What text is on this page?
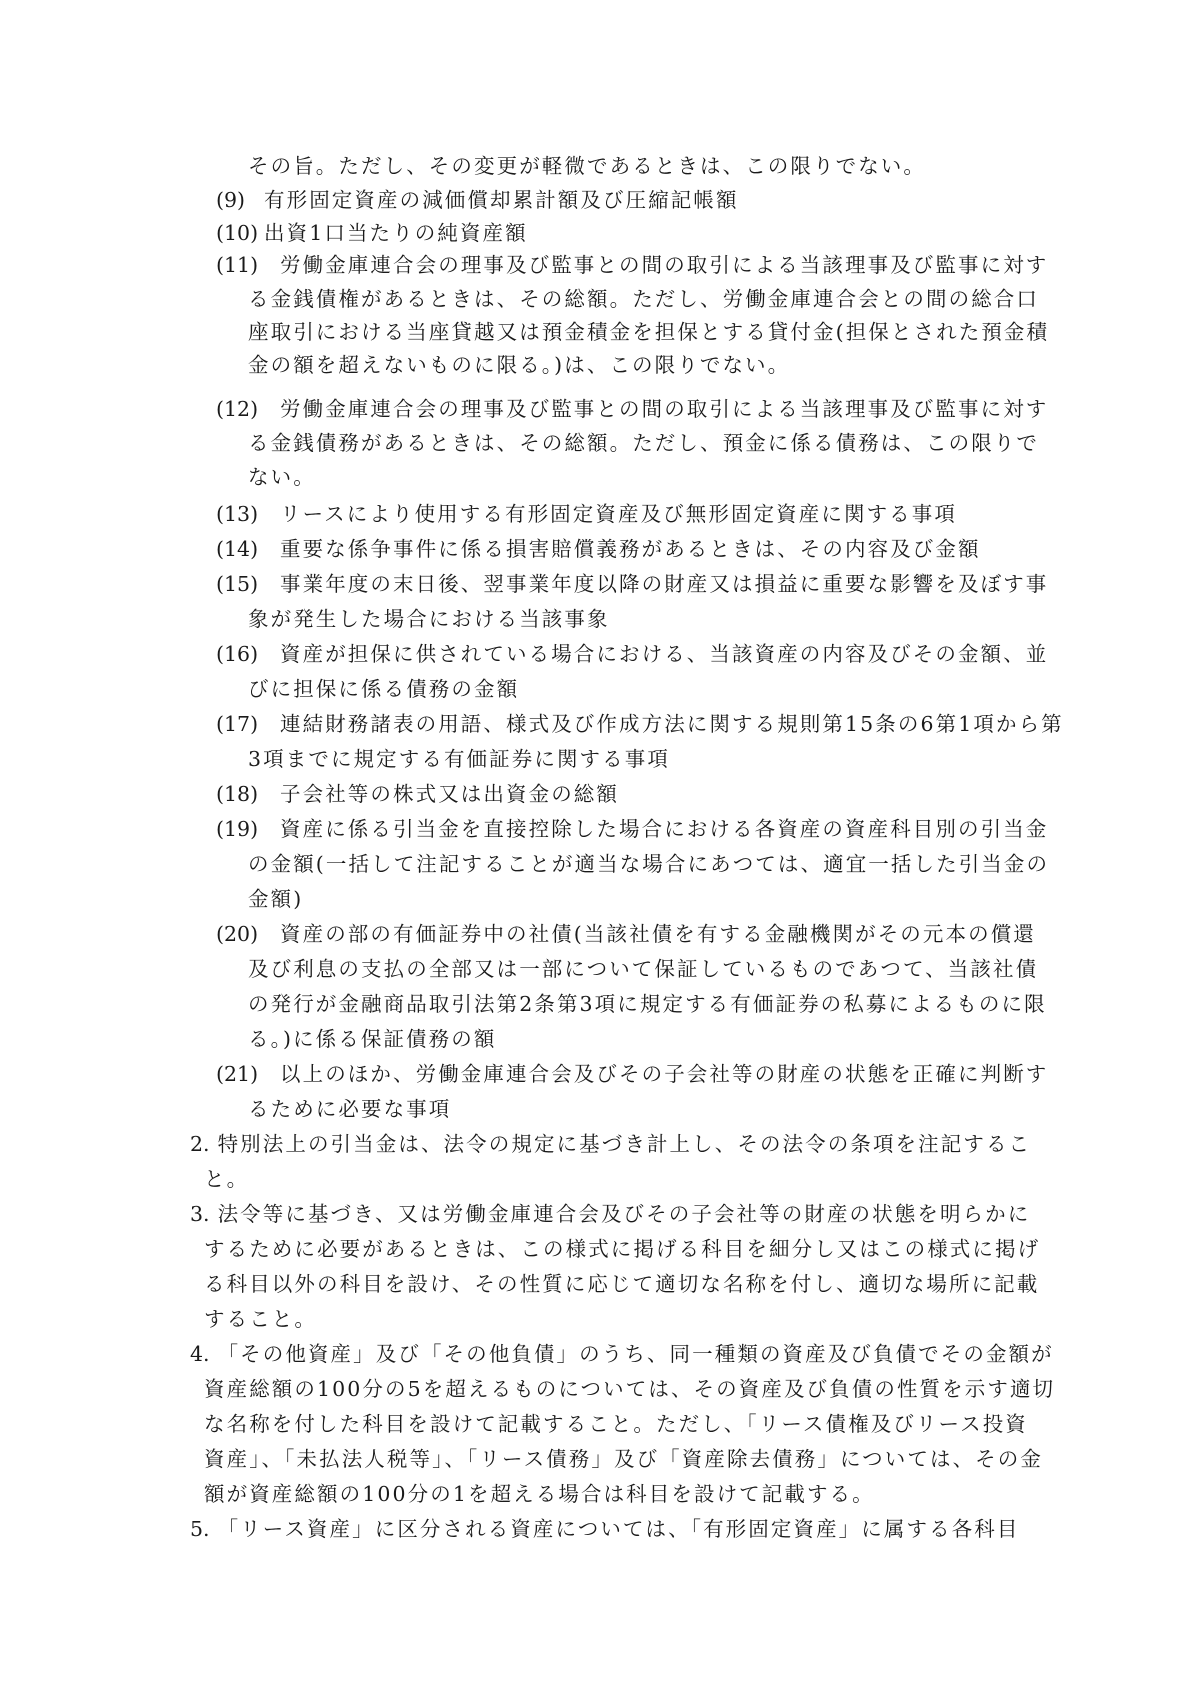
その旨。ただし、その変更が軽微であるときは、この限りでない。
(9) 有形固定資産の減価償却累計額及び圧縮記帳額
(10) 出資1口当たりの純資産額
(11) 労働金庫連合会の理事及び監事との間の取引による当該理事及び監事に対す
る金銭債権があるときは、その総額。ただし、労働金庫連合会との間の総合口
座取引における当座貸越又は預金積金を担保とする貸付金(担保とされた預金積
金の額を超えないものに限る。)は、この限りでない。
(12) 労働金庫連合会の理事及び監事との間の取引による当該理事及び監事に対す
る金銭債務があるときは、その総額。ただし、預金に係る債務は、この限りで
ない。
(13) リースにより使用する有形固定資産及び無形固定資産に関する事項
(14) 重要な係争事件に係る損害賠償義務があるときは、その内容及び金額
(15) 事業年度の末日後、翌事業年度以降の財産又は損益に重要な影響を及ぼす事
象が発生した場合における当該事象
(16) 資産が担保に供されている場合における、当該資産の内容及びその金額、並
びに担保に係る債務の金額
(17) 連結財務諸表の用語、様式及び作成方法に関する規則第15条の6第1項から第
3項までに規定する有価証券に関する事項
(18) 子会社等の株式又は出資金の総額
(19) 資産に係る引当金を直接控除した場合における各資産の資産科目別の引当金
の金額(一括して注記することが適当な場合にあつては、適宜一括した引当金の
金額)
(20) 資産の部の有価証券中の社債(当該社債を有する金融機関がその元本の償還
及び利息の支払の全部又は一部について保証しているものであつて、当該社債
の発行が金融商品取引法第2条第3項に規定する有価証券の私募によるものに限
る。)に係る保証債務の額
(21) 以上のほか、労働金庫連合会及びその子会社等の財産の状態を正確に判断す
るために必要な事項
2. 特別法上の引当金は、法令の規定に基づき計上し、その法令の条項を注記するこ
と。
3. 法令等に基づき、又は労働金庫連合会及びその子会社等の財産の状態を明らかに
するために必要があるときは、この様式に掲げる科目を細分し又はこの様式に掲げ
る科目以外の科目を設け、その性質に応じて適切な名称を付し、適切な場所に記載
すること。
4. 「その他資産」及び「その他負債」のうち、同一種類の資産及び負債でその金額が
資産総額の100分の5を超えるものについては、その資産及び負債の性質を示す適切
な名称を付した科目を設けて記載すること。ただし、「リース債権及びリース投資
資産」、「未払法人税等」、「リース債務」及び「資産除去債務」については、その金
額が資産総額の100分の1を超える場合は科目を設けて記載する。
5. 「リース資産」に区分される資産については、「有形固定資産」に属する各科目
